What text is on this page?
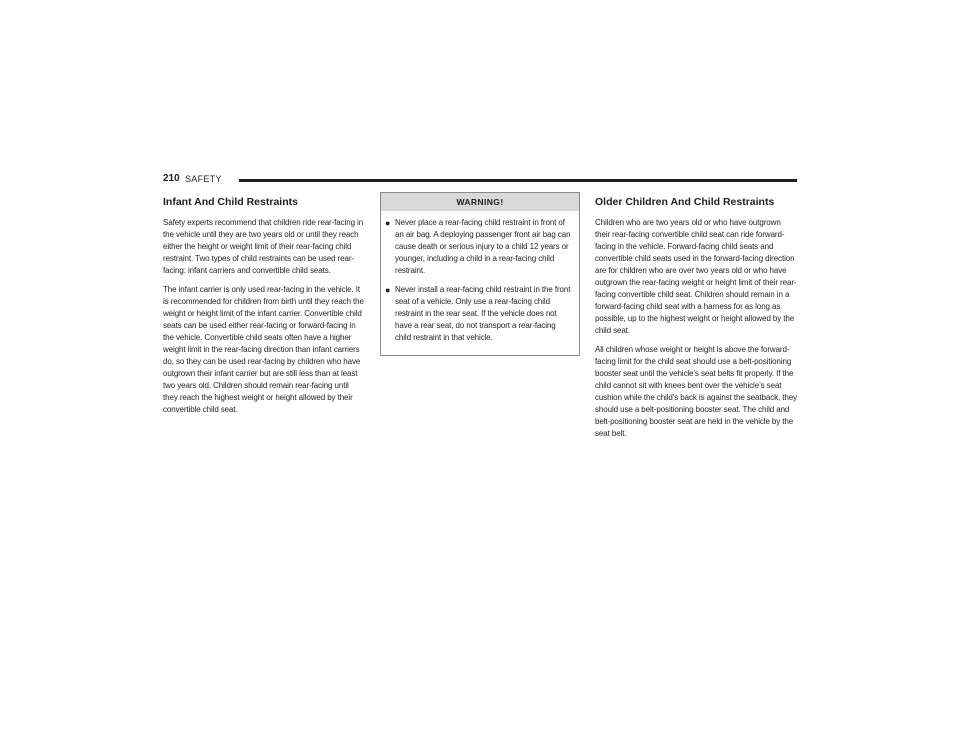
210 SAFETY
Infant And Child Restraints

Safety experts recommend that children ride rear-facing in the vehicle until they are two years old or until they reach either the height or weight limit of their rear-facing child restraint. Two types of child restraints can be used rear-facing: infant carriers and convertible child seats.

The infant carrier is only used rear-facing in the vehicle. It is recommended for children from birth until they reach the weight or height limit of the infant carrier. Convertible child seats can be used either rear-facing or forward-facing in the vehicle. Convertible child seats often have a higher weight limit in the rear-facing direction than infant carriers do, so they can be used rear-facing by children who have outgrown their infant carrier but are still less than at least two years old. Children should remain rear-facing until they reach the highest weight or height allowed by their convertible child seat.

WARNING!
● Never place a rear-facing child restraint in front of an air bag. A deploying passenger front air bag can cause death or serious injury to a child 12 years or younger, including a child in a rear-facing child restraint.

● Never install a rear-facing child restraint in the front seat of a vehicle. Only use a rear-facing child restraint in the rear seat. If the vehicle does not have a rear seat, do not transport a rear-facing child restraint in that vehicle.

Older Children And Child Restraints

Children who are two years old or who have outgrown their rear-facing convertible child seat can ride forward-facing in the vehicle. Forward-facing child seats and convertible child seats used in the forward-facing direction are for children who are over two years old or who have outgrown the rear-facing weight or height limit of their rear-facing convertible child seat. Children should remain in a forward-facing child seat with a harness for as long as possible, up to the highest weight or height allowed by the child seat.

All children whose weight or height is above the forward-facing limit for the child seat should use a belt-positioning booster seat until the vehicle’s seat belts fit properly. If the child cannot sit with knees bent over the vehicle’s seat cushion while the child’s back is against the seatback, they should use a belt-positioning booster seat. The child and belt-positioning booster seat are held in the vehicle by the seat belt.
